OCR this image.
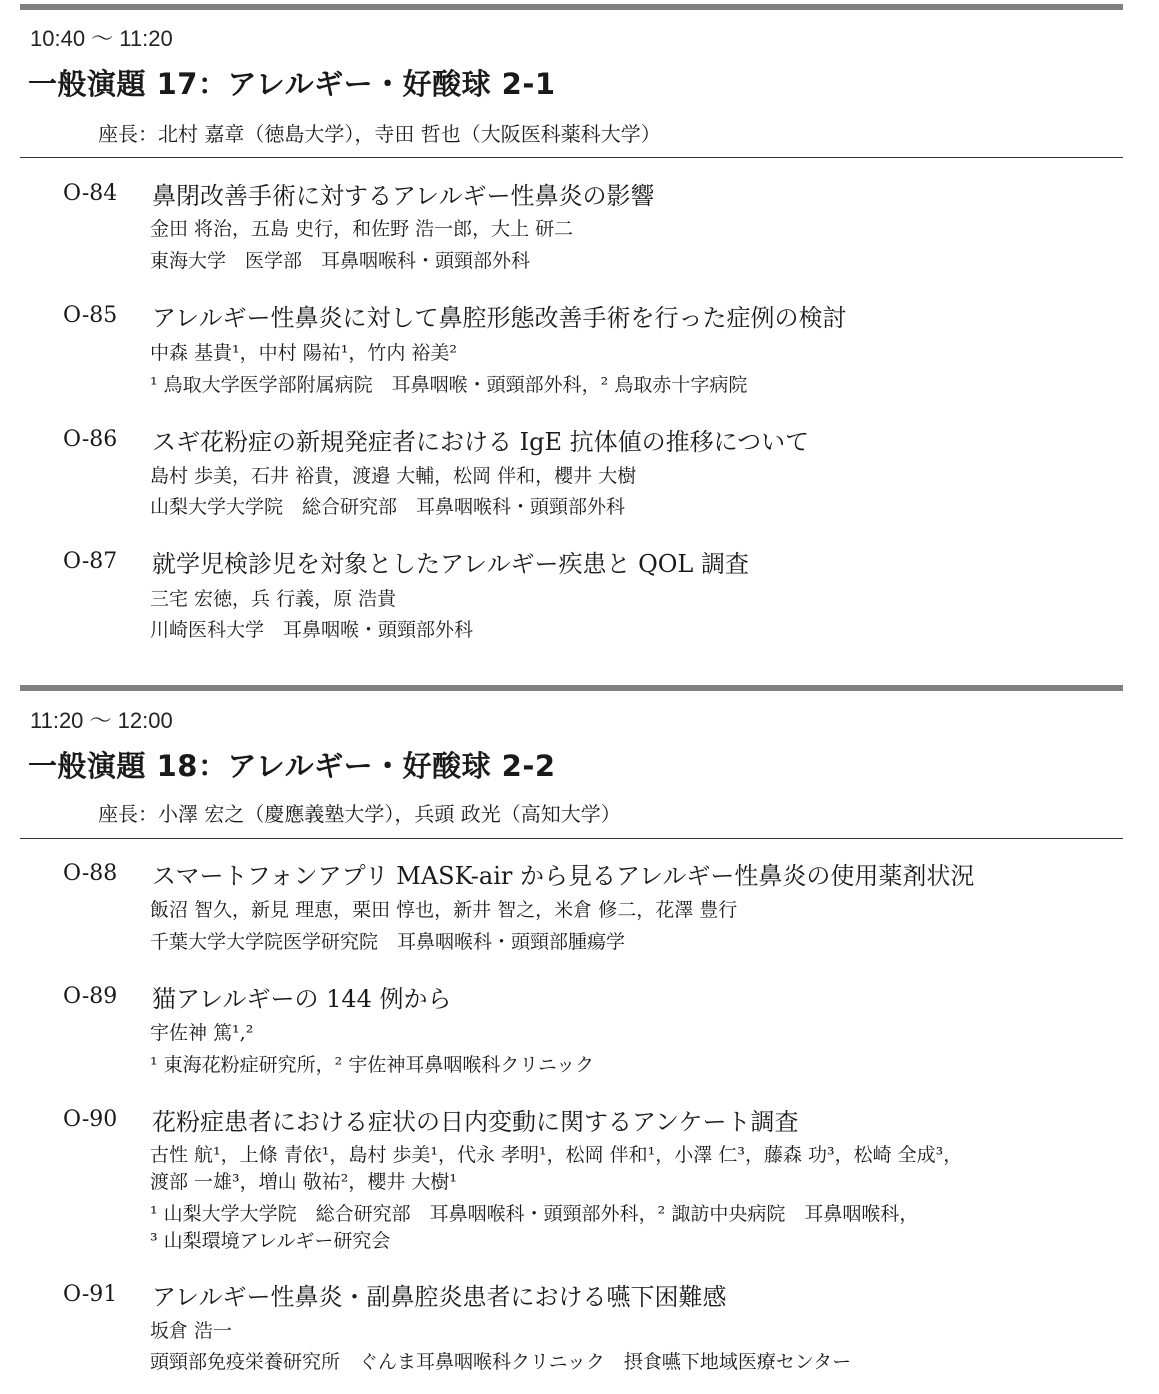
10:40 〜 11:20
一般演題 17：アレルギー・好酸球 2-1
座長：北村 嘉章（徳島大学），寺田 哲也（大阪医科薬科大学）
O-84 鼻閉改善手術に対するアレルギー性鼻炎の影響
金田 将治，五島 史行，和佐野 浩一郎，大上 研二
東海大学　医学部　耳鼻咽喉科・頭頸部外科
O-85 アレルギー性鼻炎に対して鼻腔形態改善手術を行った症例の検討
中森 基貴¹，中村 陽祐¹，竹内 裕美²
¹ 鳥取大学医学部附属病院　耳鼻咽喉・頭頸部外科，² 鳥取赤十字病院
O-86 スギ花粉症の新規発症者における IgE 抗体値の推移について
島村 歩美，石井 裕貴，渡邉 大輔，松岡 伴和，櫻井 大樹
山梨大学大学院　総合研究部　耳鼻咽喉科・頭頸部外科
O-87 就学児検診児を対象としたアレルギー疾患と QOL 調査
三宅 宏徳，兵 行義，原 浩貴
川崎医科大学　耳鼻咽喉・頭頸部外科
11:20 〜 12:00
一般演題 18：アレルギー・好酸球 2-2
座長：小澤 宏之（慶應義塾大学），兵頭 政光（高知大学）
O-88 スマートフォンアプリ MASK-air から見るアレルギー性鼻炎の使用薬剤状況
飯沼 智久，新見 理恵，栗田 惇也，新井 智之，米倉 修二，花澤 豊行
千葉大学大学院医学研究院　耳鼻咽喉科・頭頸部腫瘍学
O-89 猫アレルギーの 144 例から
宇佐神 篤¹,²
¹ 東海花粉症研究所，² 宇佐神耳鼻咽喉科クリニック
O-90 花粉症患者における症状の日内変動に関するアンケート調査
古性 航¹，上條 青依¹，島村 歩美¹，代永 孝明¹，松岡 伴和¹，小澤 仁³，藤森 功³，松崎 全成³，
渡部 一雄³，増山 敬祐²，櫻井 大樹¹
¹ 山梨大学大学院　総合研究部　耳鼻咽喉科・頭頸部外科，² 諏訪中央病院　耳鼻咽喉科，
³ 山梨環境アレルギー研究会
O-91 アレルギー性鼻炎・副鼻腔炎患者における嚥下困難感
坂倉 浩一
頭頸部免疫栄養研究所　ぐんま耳鼻咽喉科クリニック　摂食嚥下地域医療センター
